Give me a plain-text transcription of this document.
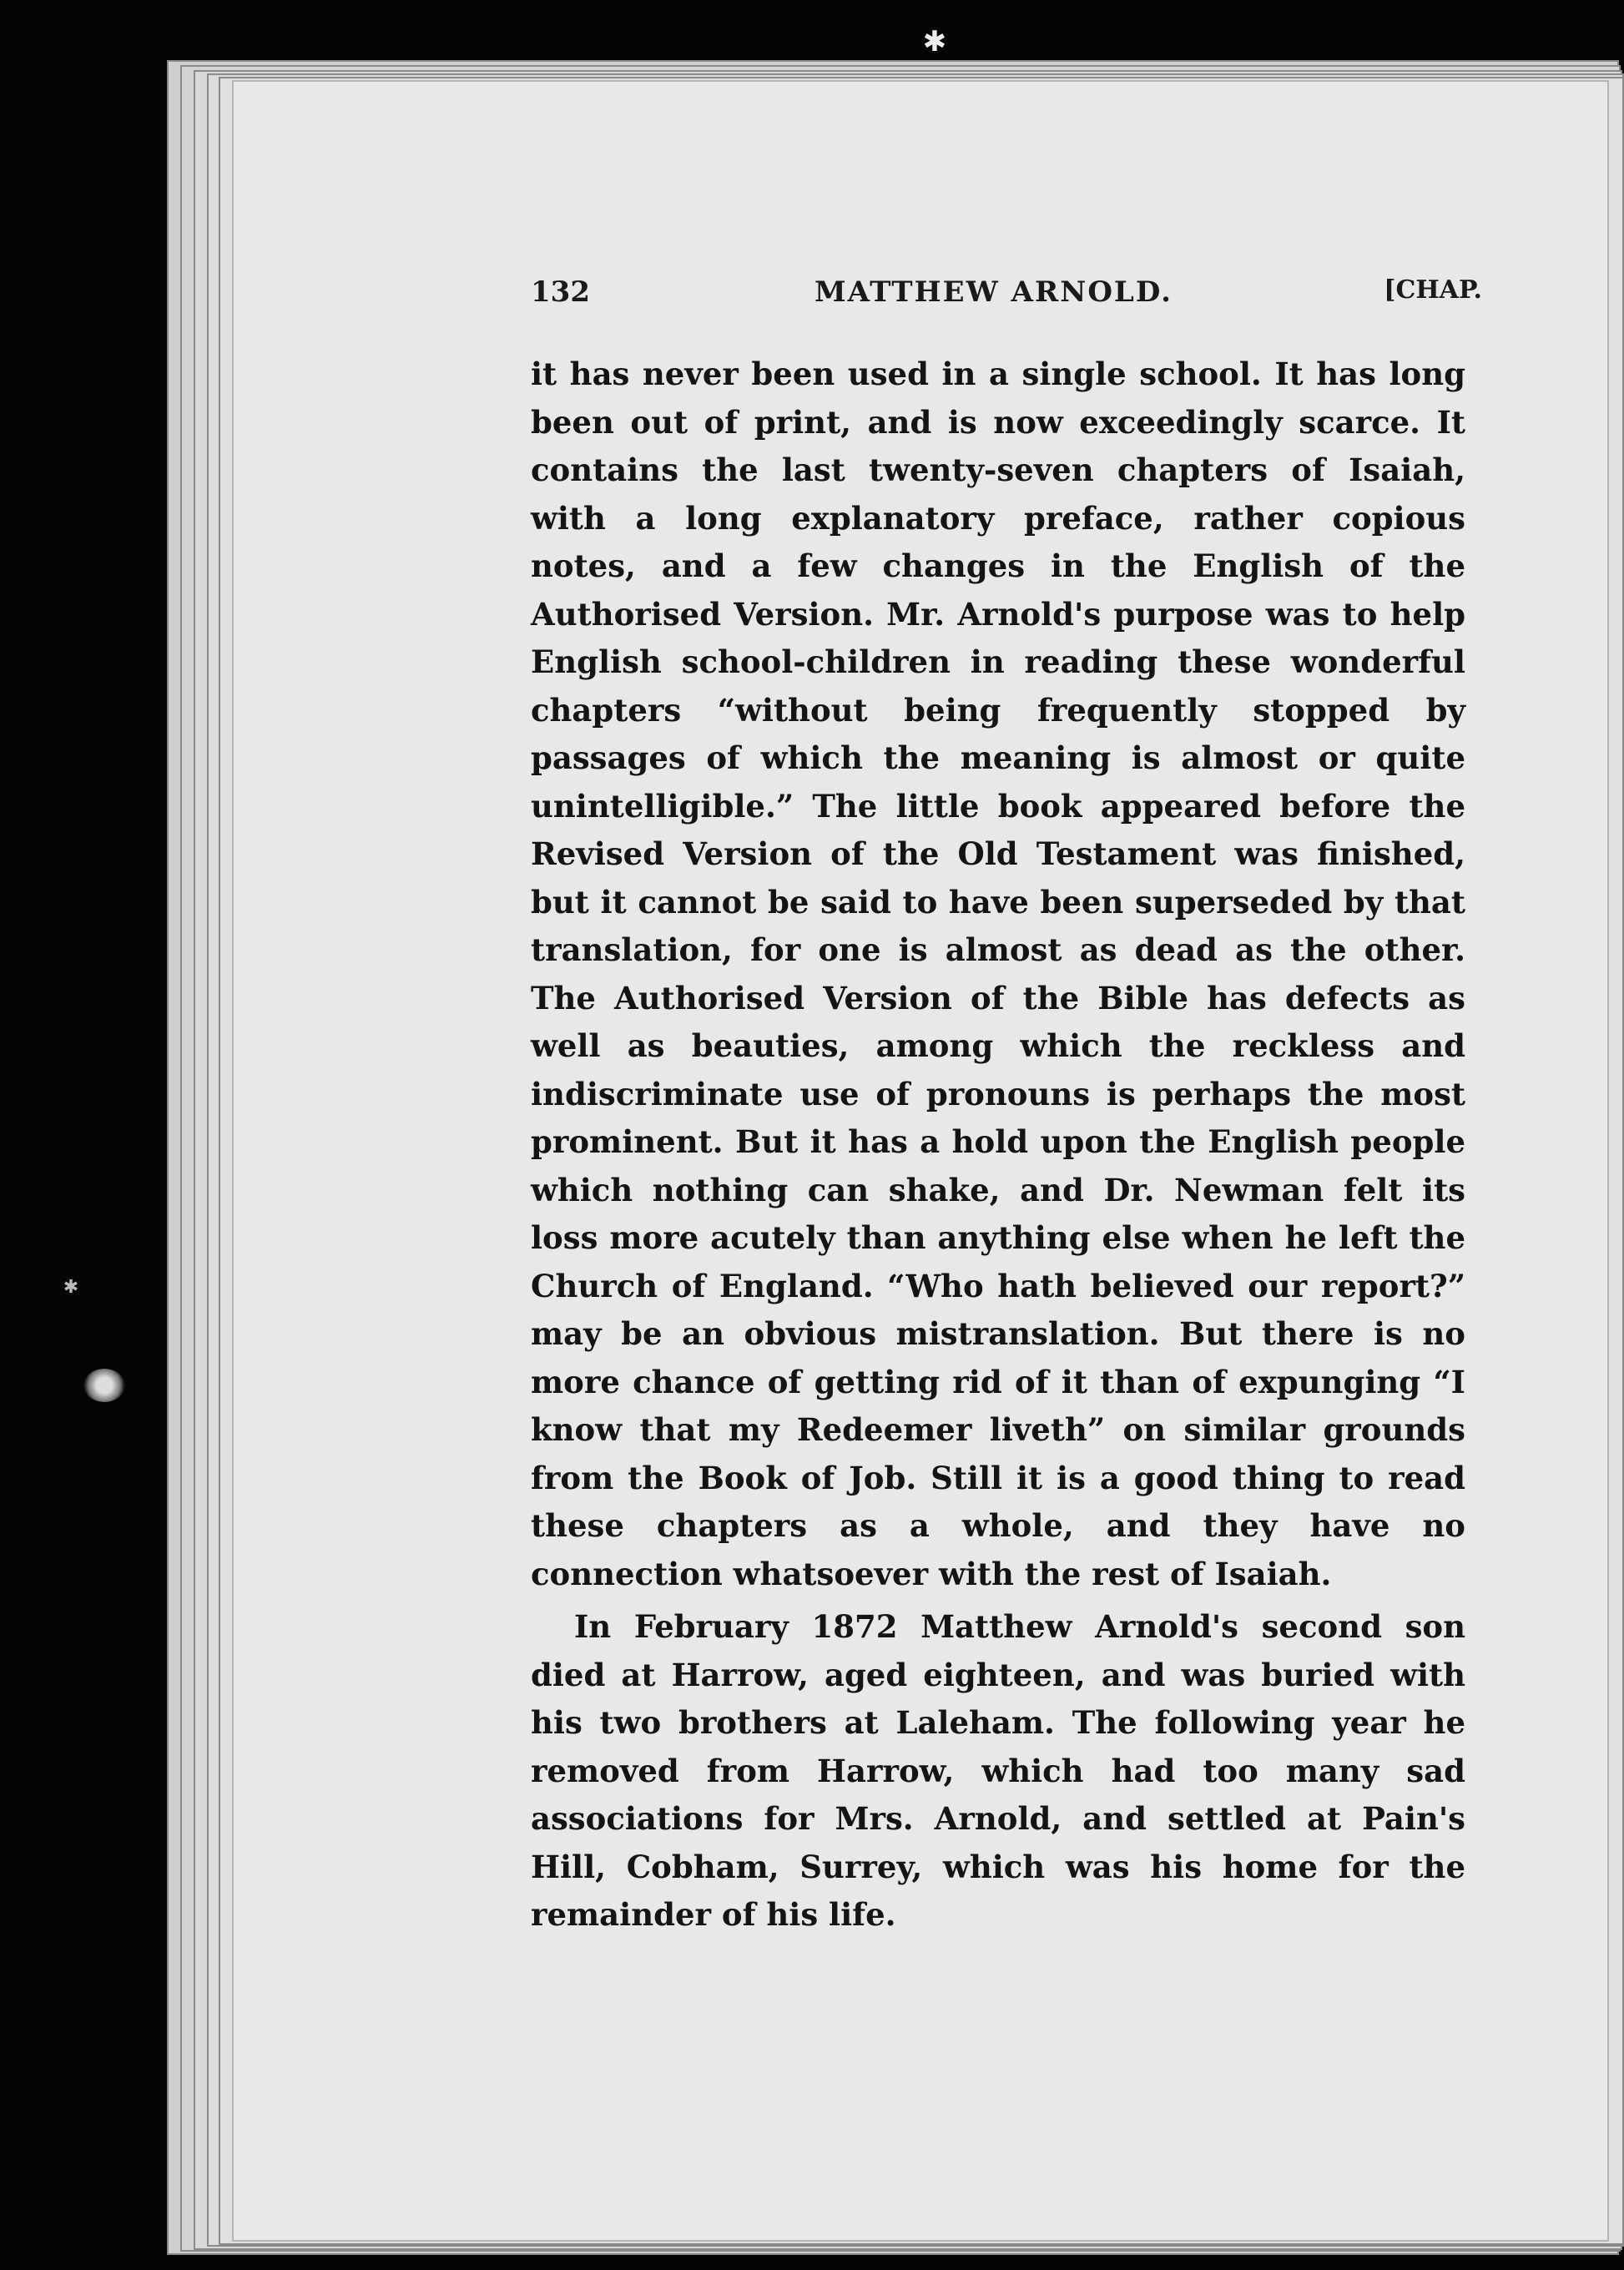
✱
✱
132	MATTHEW ARNOLD.	[CHAP.

it has never been used in a single school. It has long been out of print, and is now exceedingly scarce. It contains the last twenty-seven chapters of Isaiah, with a long explanatory preface, rather copious notes, and a few changes in the English of the Authorised Version. Mr. Arnold's purpose was to help English school-children in reading these wonderful chapters “without being frequently stopped by passages of which the meaning is almost or quite unintelligible.” The little book appeared before the Revised Version of the Old Testament was finished, but it cannot be said to have been superseded by that translation, for one is almost as dead as the other. The Authorised Version of the Bible has defects as well as beauties, among which the reckless and indiscriminate use of pronouns is perhaps the most prominent. But it has a hold upon the English people which nothing can shake, and Dr. Newman felt its loss more acutely than anything else when he left the Church of England. “Who hath believed our report?” may be an obvious mistranslation. But there is no more chance of getting rid of it than of expunging “I know that my Redeemer liveth” on similar grounds from the Book of Job. Still it is a good thing to read these chapters as a whole, and they have no connection whatsoever with the rest of Isaiah.

In February 1872 Matthew Arnold's second son died at Harrow, aged eighteen, and was buried with his two brothers at Laleham. The following year he removed from Harrow, which had too many sad associations for Mrs. Arnold, and settled at Pain's Hill, Cobham, Surrey, which was his home for the remainder of his life.
